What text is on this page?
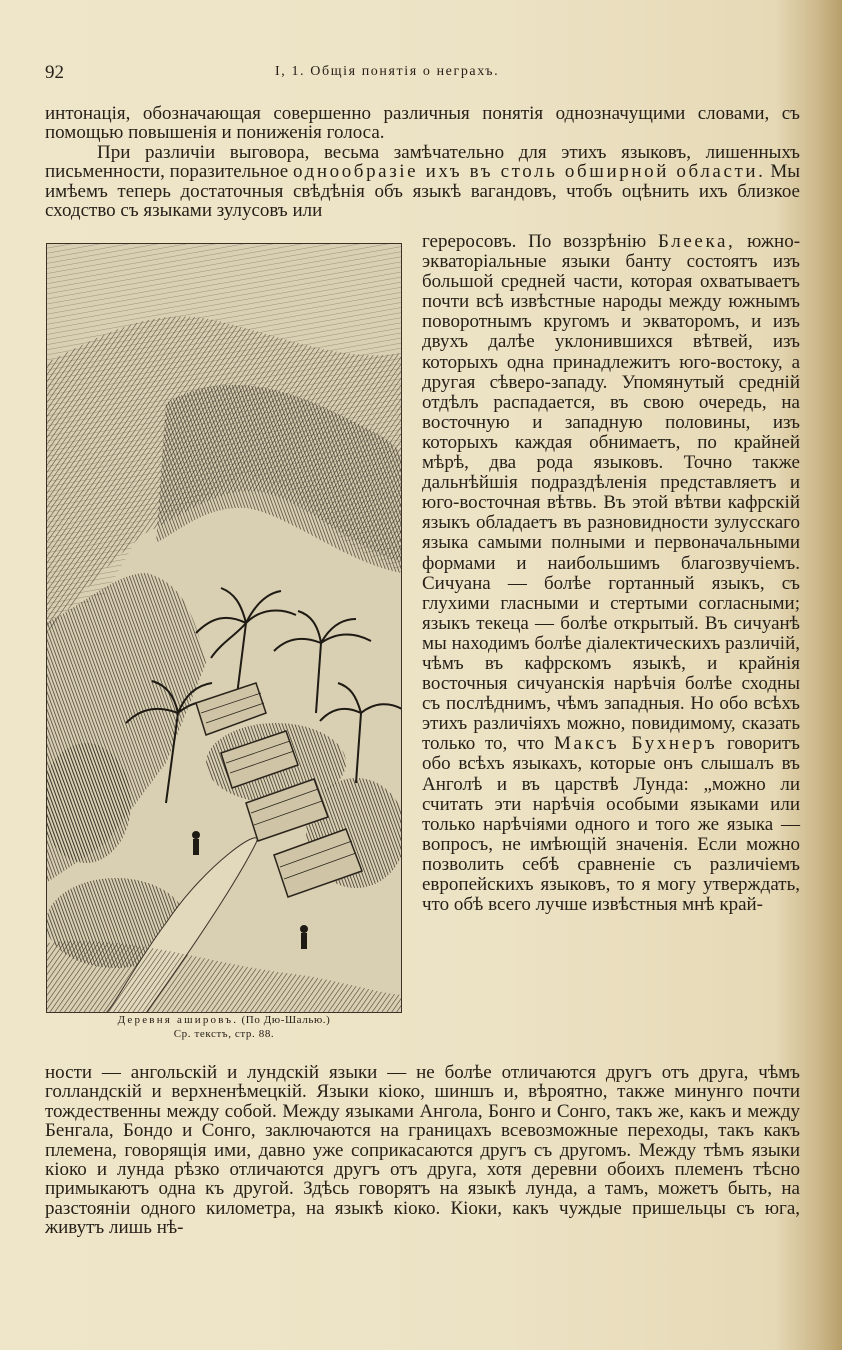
92	I, 1. Общія понятія о неграхъ.

интонація, обозначающая совершенно различныя понятія однозначущими словами, съ помощью повышенія и пониженія голоса.

При различіи выговора, весьма замѣчательно для этихъ языковъ, лишенныхъ письменности, поразительное однообразіе ихъ въ столь обширной области. Мы имѣемъ теперь достаточныя свѣдѣнія объ языкѣ вагандовъ, чтобъ оцѣнить ихъ близкое сходство съ языками зулусовъ или

Деревня ашировъ. (По Дю-Шалью.)
Ср. текстъ, стр. 88.
гереросовъ. По воззрѣнію Блеека, южно-экваторіальные языки банту состоятъ изъ большой средней части, которая охватываетъ почти всѣ извѣстные народы между южнымъ поворотнымъ кругомъ и экваторомъ, и изъ двухъ далѣе уклонившихся вѣтвей, изъ которыхъ одна принадлежитъ юго-востоку, а другая сѣверо-западу. Упомянутый средній отдѣлъ распадается, въ свою очередь, на восточную и западную половины, изъ которыхъ каждая обнимаетъ, по крайней мѣрѣ, два рода языковъ. Точно также дальнѣйшія подраздѣленія представляетъ и юго-восточная вѣтвь. Въ этой вѣтви кафрскій языкъ обладаетъ въ разновидности зулусскаго языка самыми полными и первоначальными формами и наибольшимъ благозвучіемъ. Сичуана — болѣе гортанный языкъ, съ глухими гласными и стертыми согласными; языкъ текеца — болѣе открытый. Въ сичуанѣ мы находимъ болѣе діалектическихъ различій, чѣмъ въ кафрскомъ языкѣ, и крайнія восточныя сичуанскія нарѣчія болѣе сходны съ послѣднимъ, чѣмъ западныя. Но обо всѣхъ этихъ различіяхъ можно, повидимому, сказать только то, что Максъ Бухнеръ говоритъ обо всѣхъ языкахъ, которые онъ слышалъ въ Анголѣ и въ царствѣ Лунда: „можно ли считать эти нарѣчія особыми языками или только нарѣчіями одного и того же языка — вопросъ, не имѣющій значенія. Если можно позволить себѣ сравненіе съ различіемъ европейскихъ языковъ, то я могу утверждать, что обѣ всего лучше извѣстныя мнѣ край-

ности — ангольскій и лундскій языки — не болѣе отличаются другъ отъ друга, чѣмъ голландскій и верхненѣмецкій. Языки кіоко, шиншъ и, вѣроятно, также минунго почти тождественны между собой. Между языками Ангола, Бонго и Сонго, такъ же, какъ и между Бенгала, Бондо и Сонго, заключаются на границахъ всевозможные переходы, такъ какъ племена, говорящія ими, давно уже соприкасаются другъ съ другомъ. Между тѣмъ языки кіоко и лунда рѣзко отличаются другъ отъ друга, хотя деревни обоихъ племенъ тѣсно примыкаютъ одна къ другой. Здѣсь говорятъ на языкѣ лунда, а тамъ, можетъ быть, на разстояніи одного километра, на языкѣ кіоко. Кіоки, какъ чуждые пришельцы съ юга, живутъ лишь нѣ-
